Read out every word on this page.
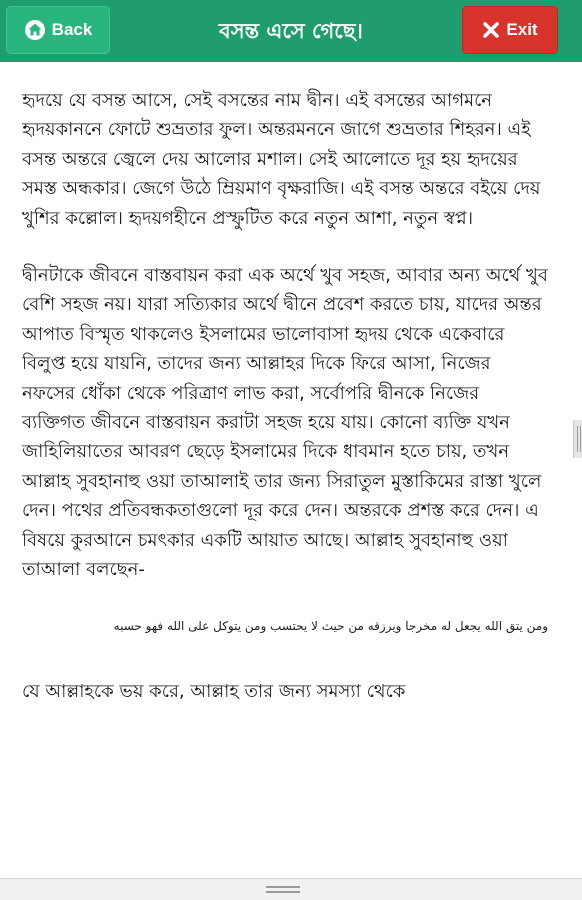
Back	বসন্ত এসে গেছে।	Exit

হৃদয়ে যে বসন্ত আসে, সেই বসন্তের নাম দ্বীন। এই বসন্তের আগমনে হৃদয়কাননে ফোটে শুভ্রতার ফুল। অন্তরমননে জাগে শুভ্রতার শিহরন। এই বসন্ত অন্তরে জ্বেলে দেয় আলোর মশাল। সেই আলোতে দূর হয় হৃদয়ের সমস্ত অন্ধকার। জেগে উঠে ম্রিয়মাণ বৃক্ষরাজি। এই বসন্ত অন্তরে বইয়ে দেয় খুশির কল্লোল। হৃদয়গহীনে প্রস্ফুটিত করে নতুন আশা, নতুন স্বপ্ন।

দ্বীনটাকে জীবনে বাস্তবায়ন করা এক অর্থে খুব সহজ, আবার অন্য অর্থে খুব বেশি সহজ নয়। যারা সত্যিকার অর্থে দ্বীনে প্রবেশ করতে চায়, যাদের অন্তর আপাত বিস্মৃত থাকলেও ইসলামের ভালোবাসা হৃদয় থেকে একেবারে বিলুপ্ত হয়ে যায়নি, তাদের জন্য আল্লাহর দিকে ফিরে আসা, নিজের নফসের ধোঁকা থেকে পরিত্রাণ লাভ করা, সর্বোপরি দ্বীনকে নিজের ব্যক্তিগত জীবনে বাস্তবায়ন করাটা সহজ হয়ে যায়। কোনো ব্যক্তি যখন জাহিলিয়াতের আবরণ ছেড়ে ইসলামের দিকে ধাবমান হতে চায়, তখন আল্লাহ সুবহানাহু ওয়া তাআলাই তার জন্য সিরাতুল মুস্তাকিমের রাস্তা খুলে দেন। পথের প্রতিবন্ধকতাগুলো দূর করে দেন। অন্তরকে প্রশস্ত করে দেন। এ বিষয়ে কুরআনে চমৎকার একটি আয়াত আছে। আল্লাহ সুবহানাহু ওয়া তাআলা বলছেন-

ومن يتق الله يجعل له مخرجا ويرزقه من حيث لا يحتسب ومن يتوكل على الله فهو حسبه

যে আল্লাহকে ভয় করে, আল্লাহ তার জন্য সমস্যা থেকে
